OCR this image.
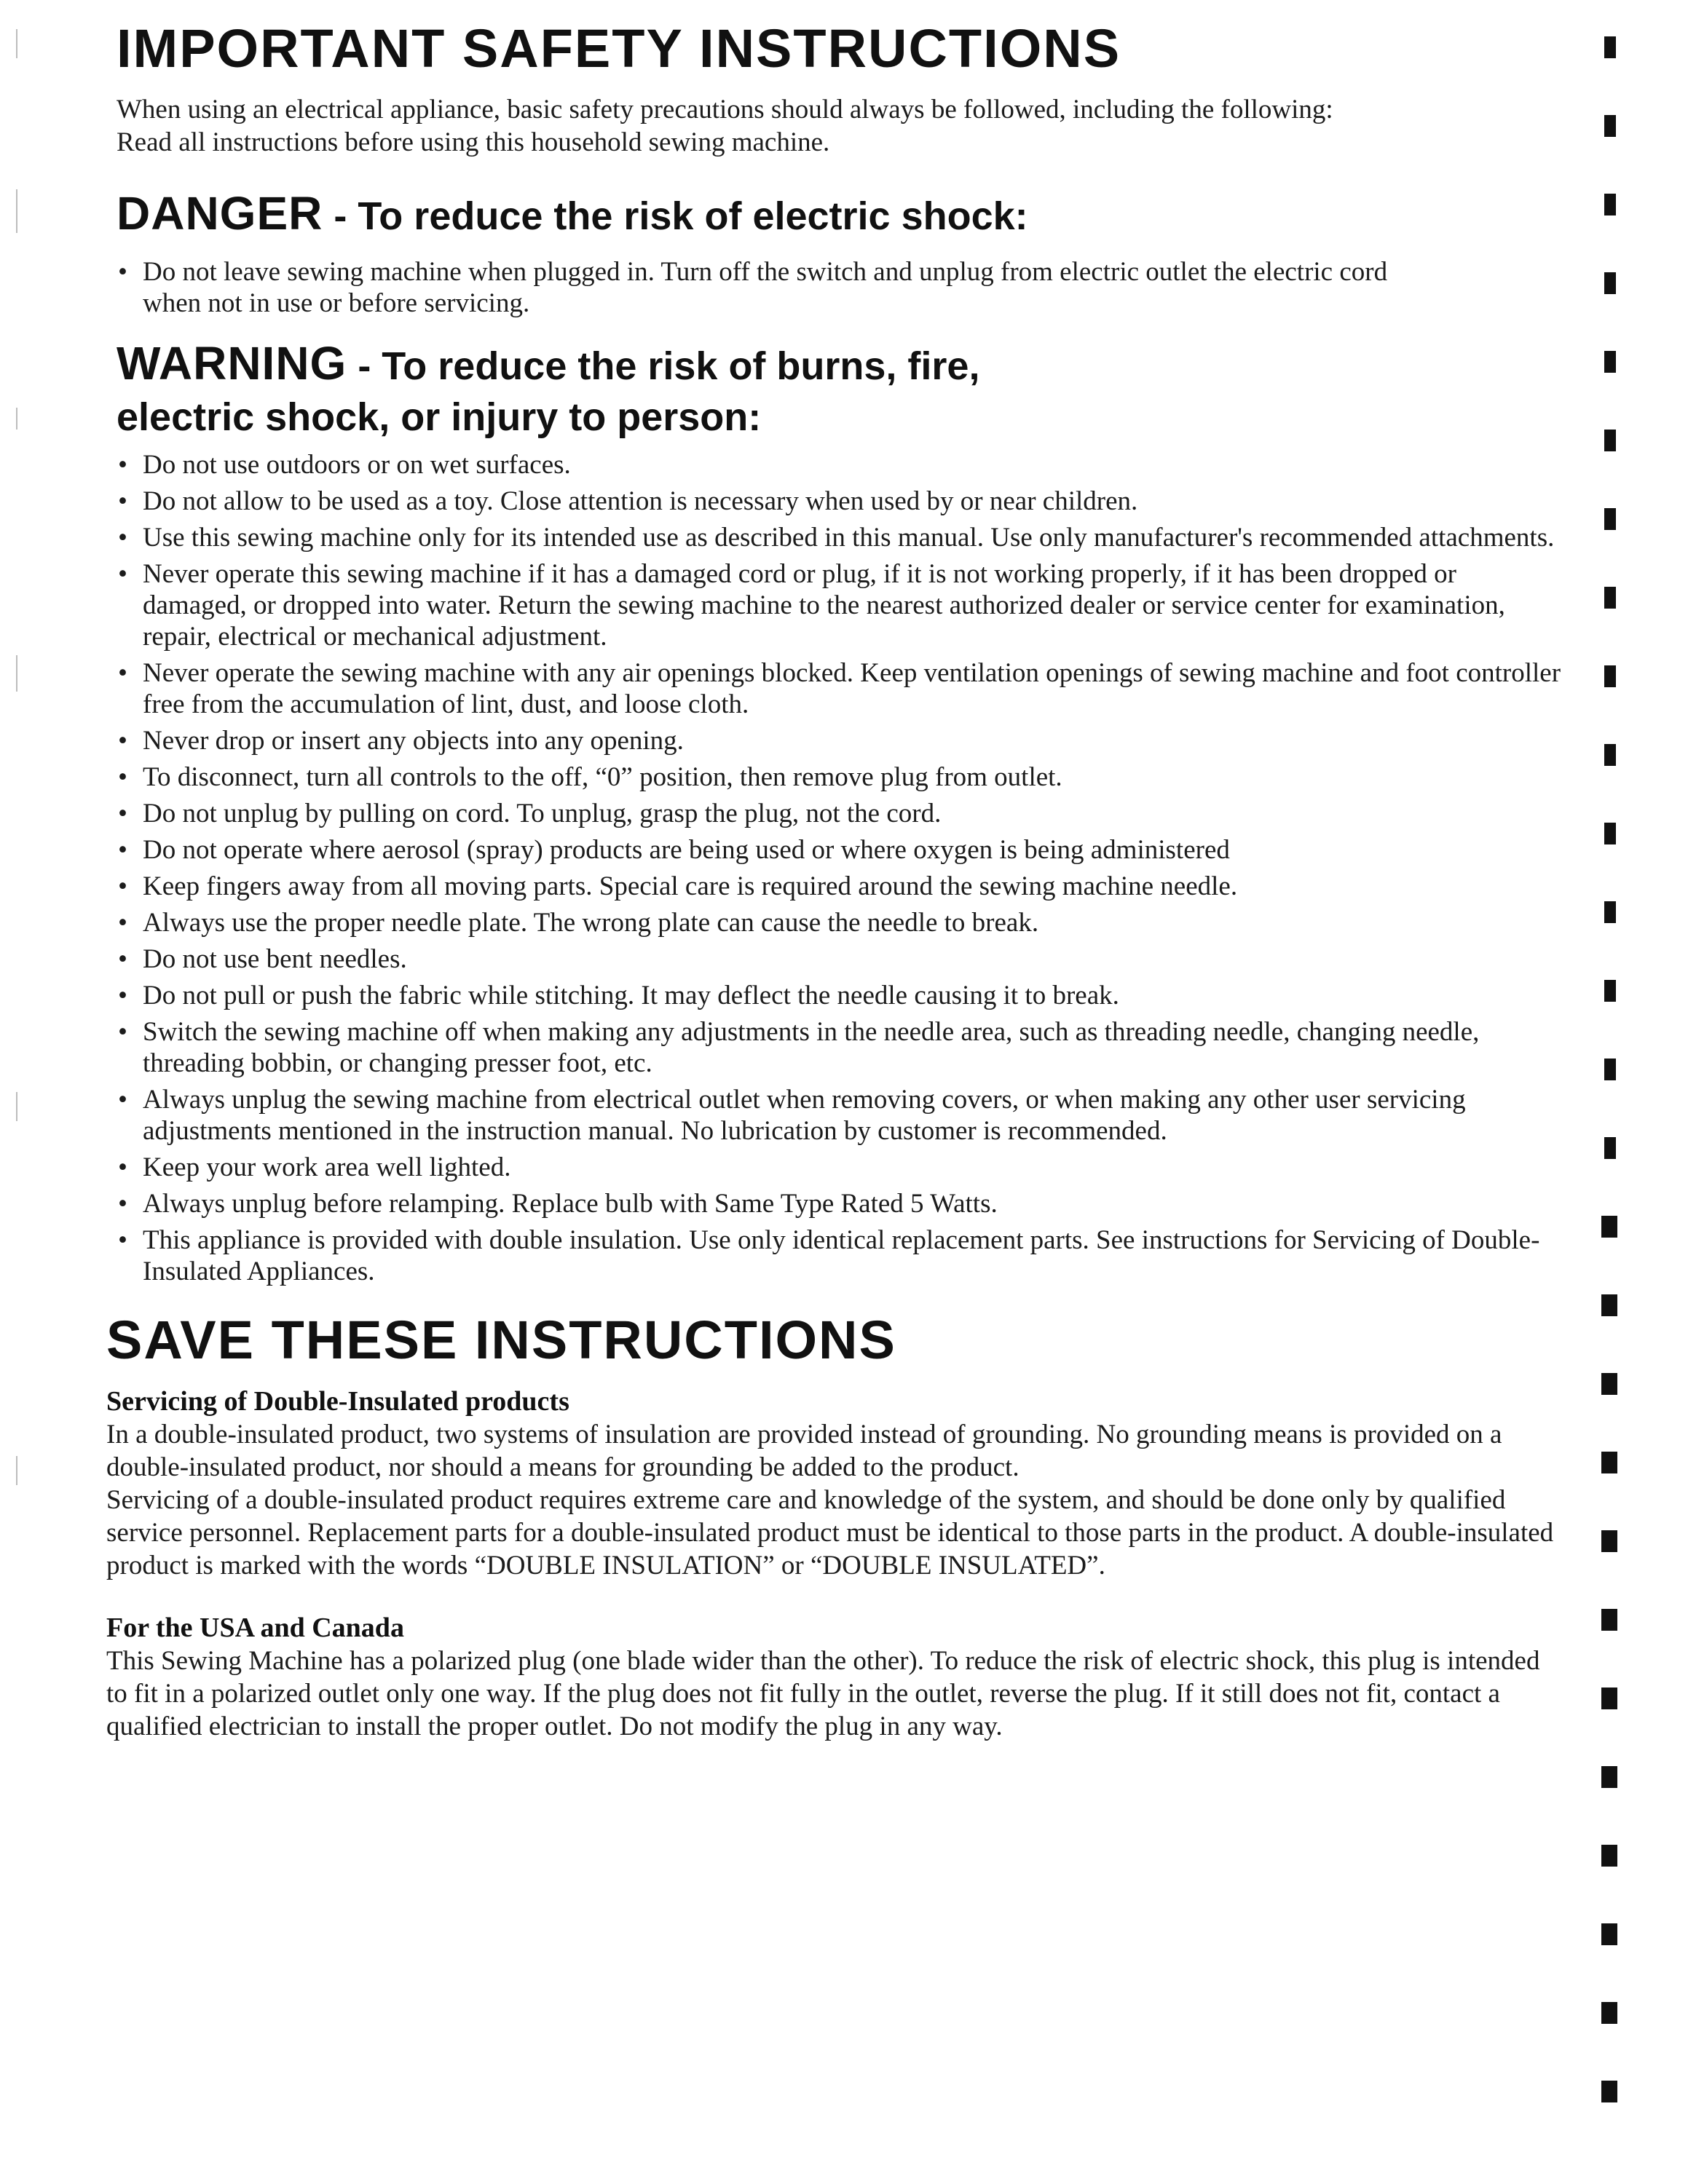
IMPORTANT SAFETY INSTRUCTIONS

When using an electrical appliance, basic safety precautions should always be followed, including the following:

Read all instructions before using this household sewing machine.

DANGER - To reduce the risk of electric shock:
• Do not leave sewing machine when plugged in. Turn off the switch and unplug from electric outlet the electric cord when not in use or before servicing.
WARNING - To reduce the risk of burns, fire,
electric shock, or injury to person:
• Do not use outdoors or on wet surfaces.
• Do not allow to be used as a toy. Close attention is necessary when used by or near children.
• Use this sewing machine only for its intended use as described in this manual. Use only manufacturer's recommended attachments.
• Never operate this sewing machine if it has a damaged cord or plug, if it is not working properly, if it has been dropped or damaged, or dropped into water. Return the sewing machine to the nearest authorized dealer or service center for examination, repair, electrical or mechanical adjustment.
• Never operate the sewing machine with any air openings blocked. Keep ventilation openings of sewing machine and foot controller free from the accumulation of lint, dust, and loose cloth.
• Never drop or insert any objects into any opening.
• To disconnect, turn all controls to the off, “0” position, then remove plug from outlet.
• Do not unplug by pulling on cord. To unplug, grasp the plug, not the cord.
• Do not operate where aerosol (spray) products are being used or where oxygen is being administered
• Keep fingers away from all moving parts. Special care is required around the sewing machine needle.
• Always use the proper needle plate. The wrong plate can cause the needle to break.
• Do not use bent needles.
• Do not pull or push the fabric while stitching. It may deflect the needle causing it to break.
• Switch the sewing machine off when making any adjustments in the needle area, such as threading needle, changing needle, threading bobbin, or changing presser foot, etc.
• Always unplug the sewing machine from electrical outlet when removing covers, or when making any other user servicing adjustments mentioned in the instruction manual. No lubrication by customer is recommended.
• Keep your work area well lighted.
• Always unplug before relamping. Replace bulb with Same Type Rated 5 Watts.
• This appliance is provided with double insulation. Use only identical replacement parts. See instructions for Servicing of Double-Insulated Appliances.
SAVE THESE INSTRUCTIONS

Servicing of Double-Insulated products

In a double-insulated product, two systems of insulation are provided instead of grounding. No grounding means is provided on a double-insulated product, nor should a means for grounding be added to the product.

Servicing of a double-insulated product requires extreme care and knowledge of the system, and should be done only by qualified service personnel. Replacement parts for a double-insulated product must be identical to those parts in the product. A double-insulated product is marked with the words “DOUBLE INSULATION” or “DOUBLE INSULATED”.

For the USA and Canada

This Sewing Machine has a polarized plug (one blade wider than the other). To reduce the risk of electric shock, this plug is intended to fit in a polarized outlet only one way. If the plug does not fit fully in the outlet, reverse the plug. If it still does not fit, contact a qualified electrician to install the proper outlet. Do not modify the plug in any way.
